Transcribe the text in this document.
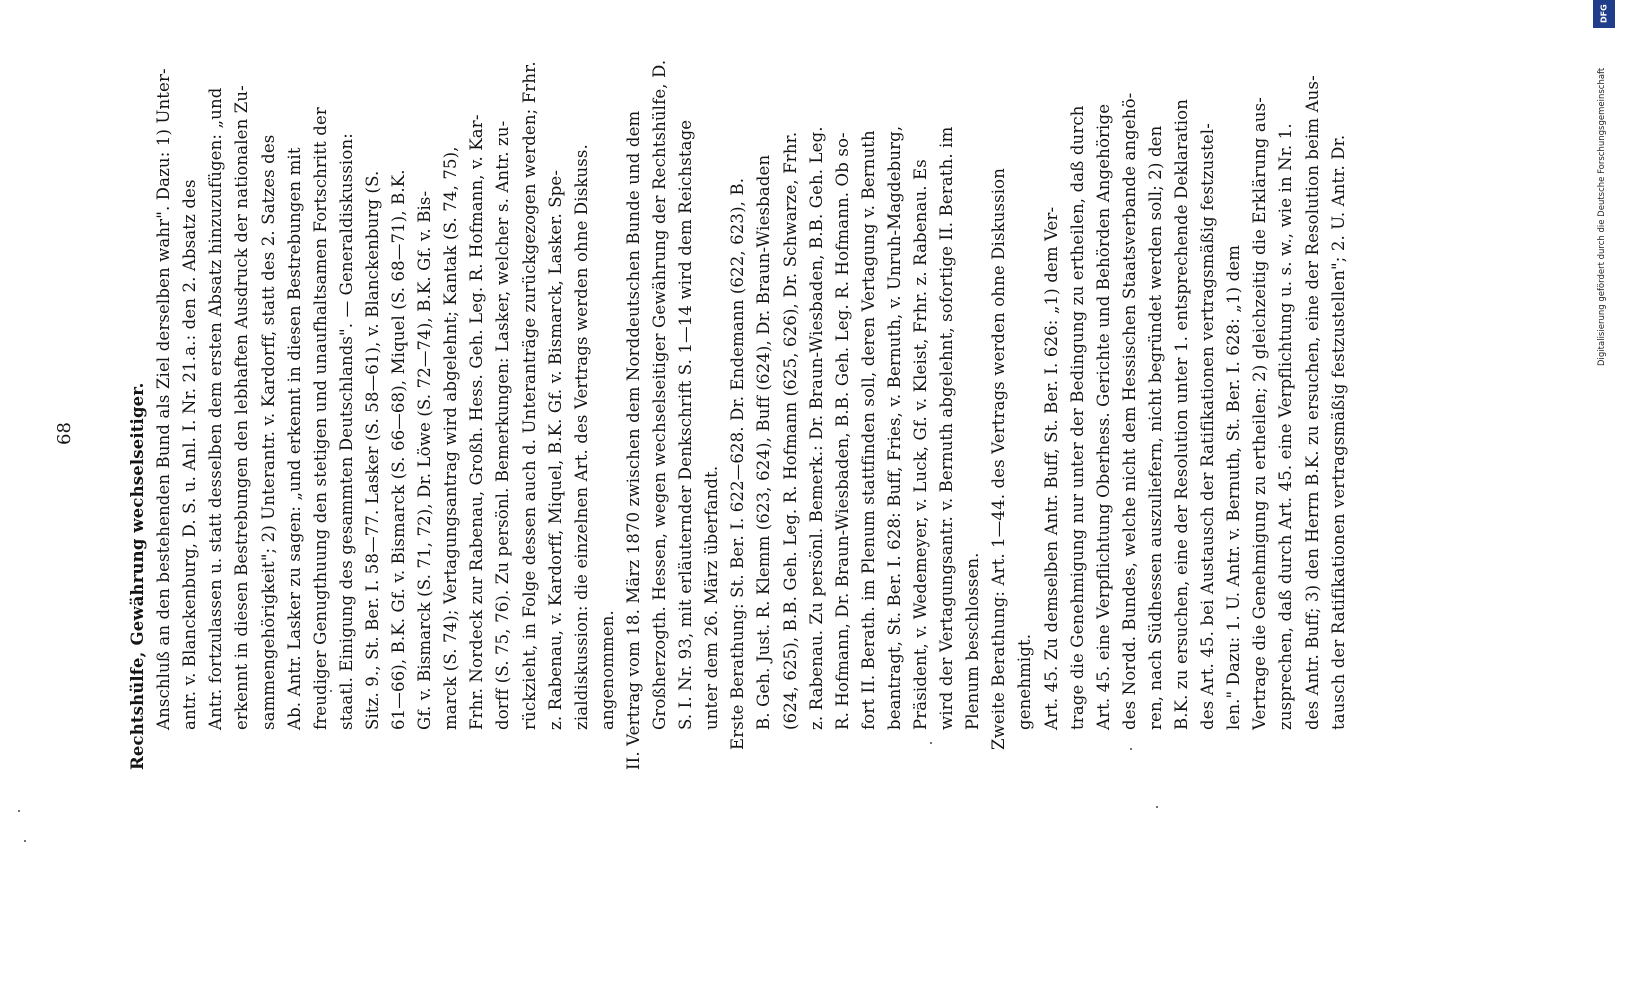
Rechtshülfe, Gewährung wechselseitiger. Anschluß an den bestehenden Bund als Ziel derselben wahr". Dazu: 1) Unter- antr. v. Blanckenburg, D. S. u. Anl. I. Nr. 21.a.: den 2. Absatz des Antr. fortzulassen u. statt desselben dem ersten Absatz hinzuzufügen: „und erkennt in diesen Bestrebungen den lebhaften Ausdruck der nationalen Zu- sammengehörigkeit"; 2) Unterantr. v. Kardorff, statt des 2. Satzes des Ab. Antr. Lasker zu sagen: „und erkennt in diesen Bestrebungen mit freudiger Genugthuung den stetigen und unaufhaltsamen Fortschritt der staatl. Einigung des gesammten Deutschlands". — Generaldiskussion: Sitz. 9., St. Ber. I. 58—77. Lasker (S. 58—61), v. Blanckenburg (S. 61—66), B.K. Gf. v. Bismarck (S. 66—68), Miquel (S. 68—71), B.K. Gf. v. Bismarck (S. 71, 72), Dr. Löwe (S. 72—74), B.K. Gf. v. Bis- marck (S. 74); Vertagungsantrag wird abgelehnt; Kantak (S. 74, 75), Frhr. Nordeck zur Rabenau, Großh. Hess. Geh. Leg. R. Hofmann, v. Kar- dorff (S. 75, 76). Zu persönl. Bemerkungen: Lasker, welcher s. Antr. zu- rückzieht, in Folge dessen auch d. Unteranträge zurückgezogen werden; Frhr. z. Rabenau, v. Kardorff, Miquel, B.K. Gf. v. Bismarck, Lasker. Spe- zialdiskussion: die einzelnen Art. des Vertrags werden ohne Diskuss. angenommen. II. Vertrag vom 18. März 1870 zwischen dem Norddeutschen Bunde und dem Großherzogth. Hessen, wegen wechselseitiger Gewährung der Rechtshülfe, D. S. I. Nr. 93, mit erläuternder Denkschrift S. 1—14 wird dem Reichstage unter dem 26. März überfandt. Erste Berathung: St. Ber. I. 622—628. Dr. Endemann (622, 623), B. B. Geh. Just. R. Klemm (623, 624), Buff (624), Dr. Braun-Wiesbaden (624, 625), B.B. Geh. Leg. R. Hofmann (625, 626), Dr. Schwarze, Frhr. z. Rabenau. Zu persönl. Bemerk.: Dr. Braun-Wiesbaden, B.B. Geh. Leg. R. Hofmann, Dr. Braun-Wiesbaden, B.B. Geh. Leg. R. Hofmann. Ob so- fort II. Berath. im Plenum stattfinden soll, deren Vertagung v. Bernuth beantragt, St. Ber. I. 628: Buff, Fries, v. Bernuth, v. Unruh-Magdeburg, Präsident, v. Wedemeyer, v. Luck, Gf. v. Kleist, Frhr. z. Rabenau. Es wird der Vertagungsantr. v. Bernuth abgelehnt, sofortige II. Berath. im Plenum beschlossen. Zweite Berathung: Art. 1—44. des Vertrags werden ohne Diskussion genehmigt. Art. 45. Zu demselben Antr. Buff, St. Ber. I. 626: „1) dem Ver- trage die Genehmigung nur unter der Bedingung zu ertheilen, daß durch Art. 45. eine Verpflichtung Oberhess. Gerichte und Behörden Angehörige des Nordd. Bundes, welche nicht dem Hessischen Staatsverbande angehö- ren, nach Südhessen auszuliefern, nicht begründet werden soll; 2) den B.K. zu ersuchen, eine der Resolution unter 1. entsprechende Deklaration des Art. 45. bei Austausch der Ratifikationen vertragsmäßig festzustel- len." Dazu: 1. U. Antr. v. Bernuth, St. Ber. I. 628: „1) dem Vertrage die Genehmigung zu ertheilen; 2) gleichzeitig die Erklärung aus- zusprechen, daß durch Art. 45. eine Verpflichtung u. s. w., wie in Nr. 1. des Antr. Buff; 3) den Herrn B.K. zu ersuchen, eine der Resolution beim Aus- tausch der Ratifikationen vertragsmäßig festzustellen"; 2. U. Antr. Dr.
DFG
Digitalisierung gefördert durch die Deutsche Forschungsgemeinschaft
68
